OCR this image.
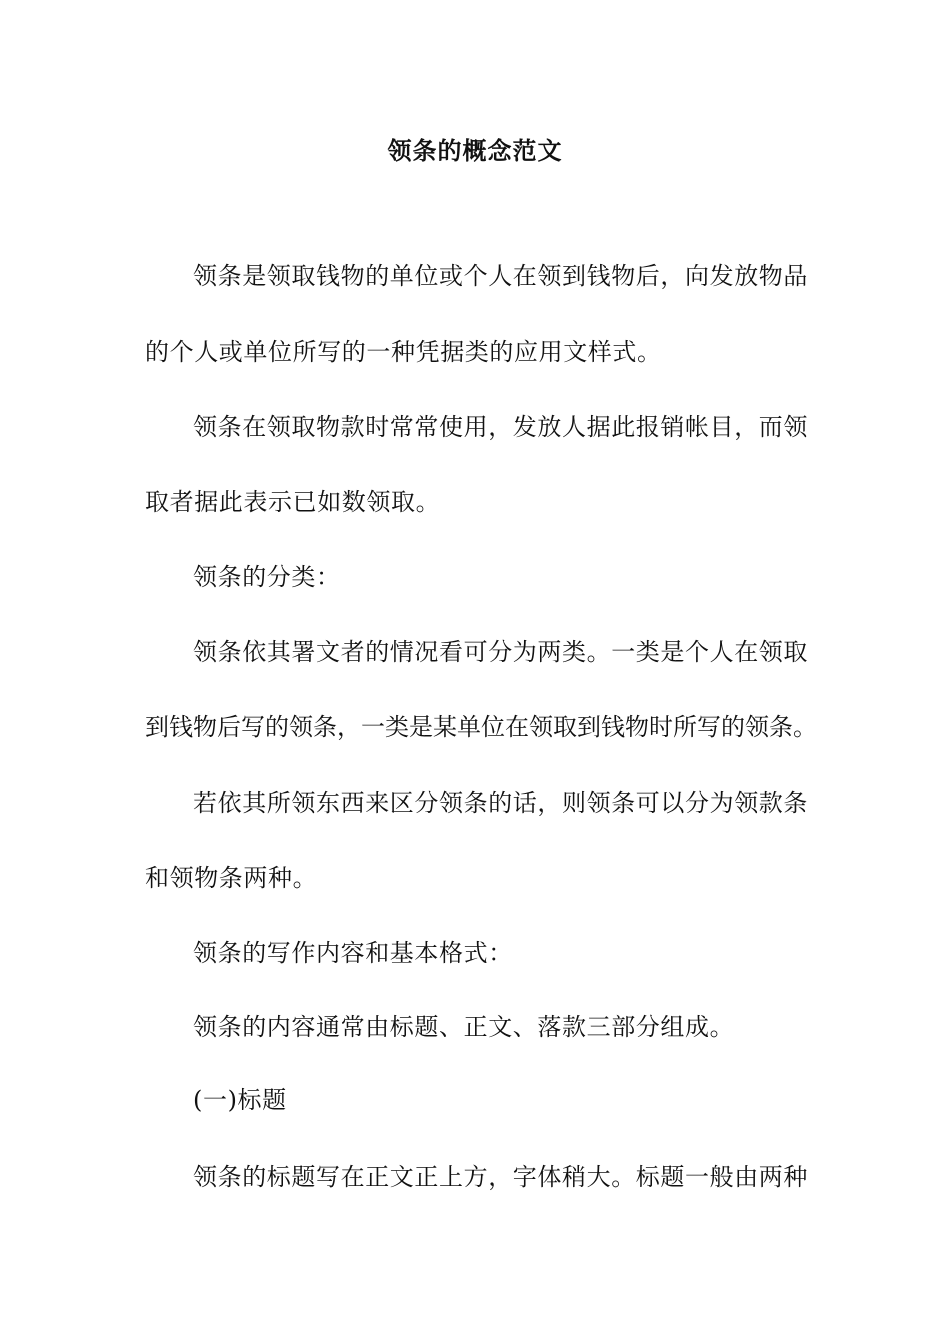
领条的概念范文
领条是领取钱物的单位或个人在领到钱物后，向发放物品
的个人或单位所写的一种凭据类的应用文样式。
领条在领取物款时常常使用，发放人据此报销帐目，而领
取者据此表示已如数领取。
领条的分类：
领条依其署文者的情况看可分为两类。一类是个人在领取
到钱物后写的领条，一类是某单位在领取到钱物时所写的领条。
若依其所领东西来区分领条的话，则领条可以分为领款条
和领物条两种。
领条的写作内容和基本格式：
领条的内容通常由标题、正文、落款三部分组成。
(一)标题
领条的标题写在正文正上方，字体稍大。标题一般由两种
